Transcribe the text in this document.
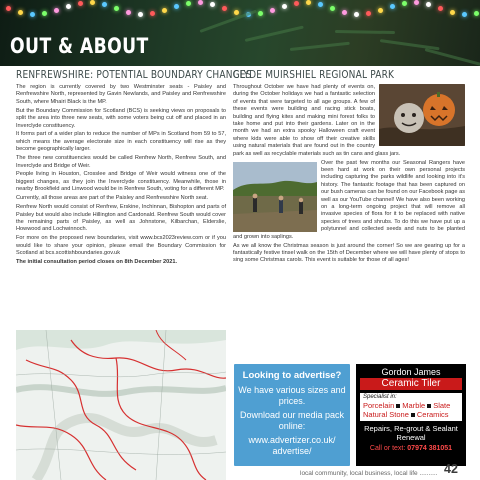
OUT & ABOUT
RENFREWSHIRE: POTENTIAL BOUNDARY CHANGES

The region is currently covered by two Westminster seats - Paisley and Renfrewshire North, represented by Gavin Newlands, and Paisley and Renfrewshire South, where Mhairi Black is the MP.

But the Boundary Commission for Scotland (BCS) is seeking views on proposals to split the area into three new seats, with some voters being cut off and placed in an Inverclyde constituency.

It forms part of a wider plan to reduce the number of MPs in Scotland from 59 to 57, which means the average electorate size in each constituency will rise as they become geographically larger.

The three new constituencies would be called Renfrew North, Renfrew South, and Inverclyde and Bridge of Weir.

People living in Houston, Crosslee and Bridge of Weir would witness one of the biggest changes, as they join the Inverclyde constituency. Meanwhile, those in nearby Brookfield and Linwood would be in Renfrew South, voting for a different MP.

Currently, all those areas are part of the Paisley and Renfrewshire North seat.

Renfrew North would consist of Renfrew, Erskine, Inchinnan, Bishopton and parts of Paisley but would also include Hillington and Cardonald. Renfrew South would cover the remaining parts of Paisley, as well as Johnstone, Kilbarchan, Elderslie, Howwood and Lochwinnoch.

For more on the proposed new boundaries, visit www.bcs2023review.com or if you would like to share your opinion, please email the Boundary Commission for Scotland at bcs.scottishboundaries.gov.uk

The initial consultation period closes on 8th December 2021.

CLYDE MUIRSHIEL REGIONAL PARK

Throughout October we have had plenty of events on, during the October holidays we had a fantastic selection of events that were targeted to all age groups. A few of these events were building and racing stick boats, building and flying kites and making mini forest folks to take home and put into their gardens. Later on in the month we had an extra spooky Halloween craft event where kids were able to show off their creative skills using natural materials that are found out in the country park as well as recyclable materials such as tin cans and glass jars.

Over the past few months our Seasonal Rangers have been hard at work on their own personal projects including capturing the parks wildlife and looking into it's history. The fantastic footage that has been captured on our bush cameras can be found on our Facebook page as well as our YouTube channel! We have also been working on a long-term ongoing project that will remove all invasive species of flora for it to be replaced with native species of trees and shrubs. To do this we have put up a polytunnel and collected seeds and nuts to be planted and grown into saplings.

As we all know the Christmas season is just around the corner! So we are gearing up for a fantastically festive tinsel walk on the 15th of December where we will have plenty of stops to sing some Christmas carols. This event is suitable for those of all ages!

Looking to advertise?
We have various sizes and prices.
Download our media pack online:
www.advertizer.co.uk/ advertise/
Gordon James
Ceramic Tiler
Specialist in:
Porcelain Marble Slate
Natural Stone Ceramics
Repairs, Re-grout & Sealant Renewal
Call or text: 07974 381051
local community, local business, local life .......... 42
